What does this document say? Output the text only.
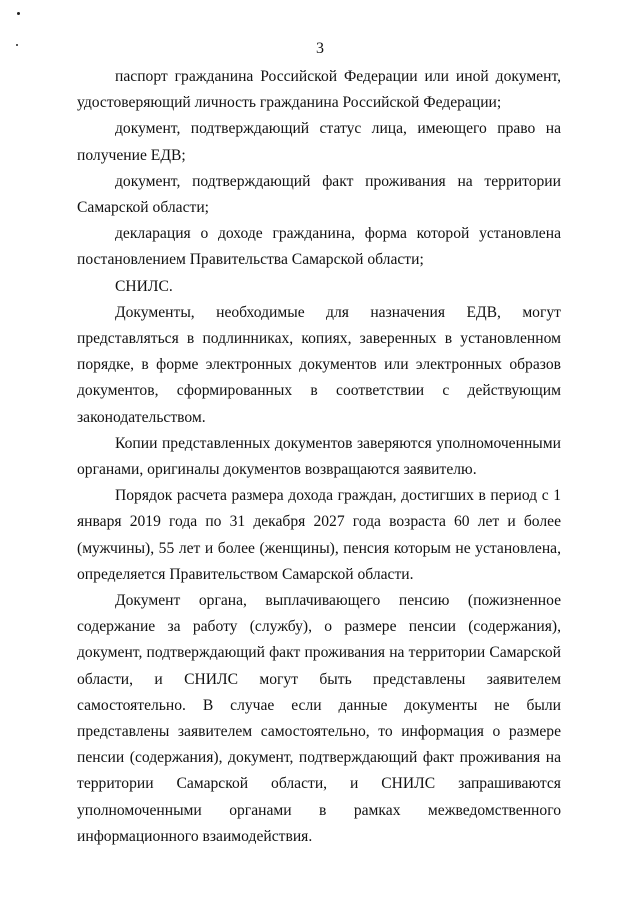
3

паспорт гражданина Российской Федерации или иной документ, удостоверяющий личность гражданина Российской Федерации;

документ, подтверждающий статус лица, имеющего право на получение ЕДВ;

документ, подтверждающий факт проживания на территории Самарской области;

декларация о доходе гражданина, форма которой установлена постановлением Правительства Самарской области;

СНИЛС.

Документы, необходимые для назначения ЕДВ, могут представляться в подлинниках, копиях, заверенных в установленном порядке, в форме электронных документов или электронных образов документов, сформированных в соответствии с действующим законодательством.

Копии представленных документов заверяются уполномоченными органами, оригиналы документов возвращаются заявителю.

Порядок расчета размера дохода граждан, достигших в период с 1 января 2019 года по 31 декабря 2027 года возраста 60 лет и более (мужчины), 55 лет и более (женщины), пенсия которым не установлена, определяется Правительством Самарской области.

Документ органа, выплачивающего пенсию (пожизненное содержание за работу (службу), о размере пенсии (содержания), документ, подтверждающий факт проживания на территории Самарской области, и СНИЛС могут быть представлены заявителем самостоятельно. В случае если данные документы не были представлены заявителем самостоятельно, то информация о размере пенсии (содержания), документ, подтверждающий факт проживания на территории Самарской области, и СНИЛС запрашиваются уполномоченными органами в рамках межведомственного информационного взаимодействия.
